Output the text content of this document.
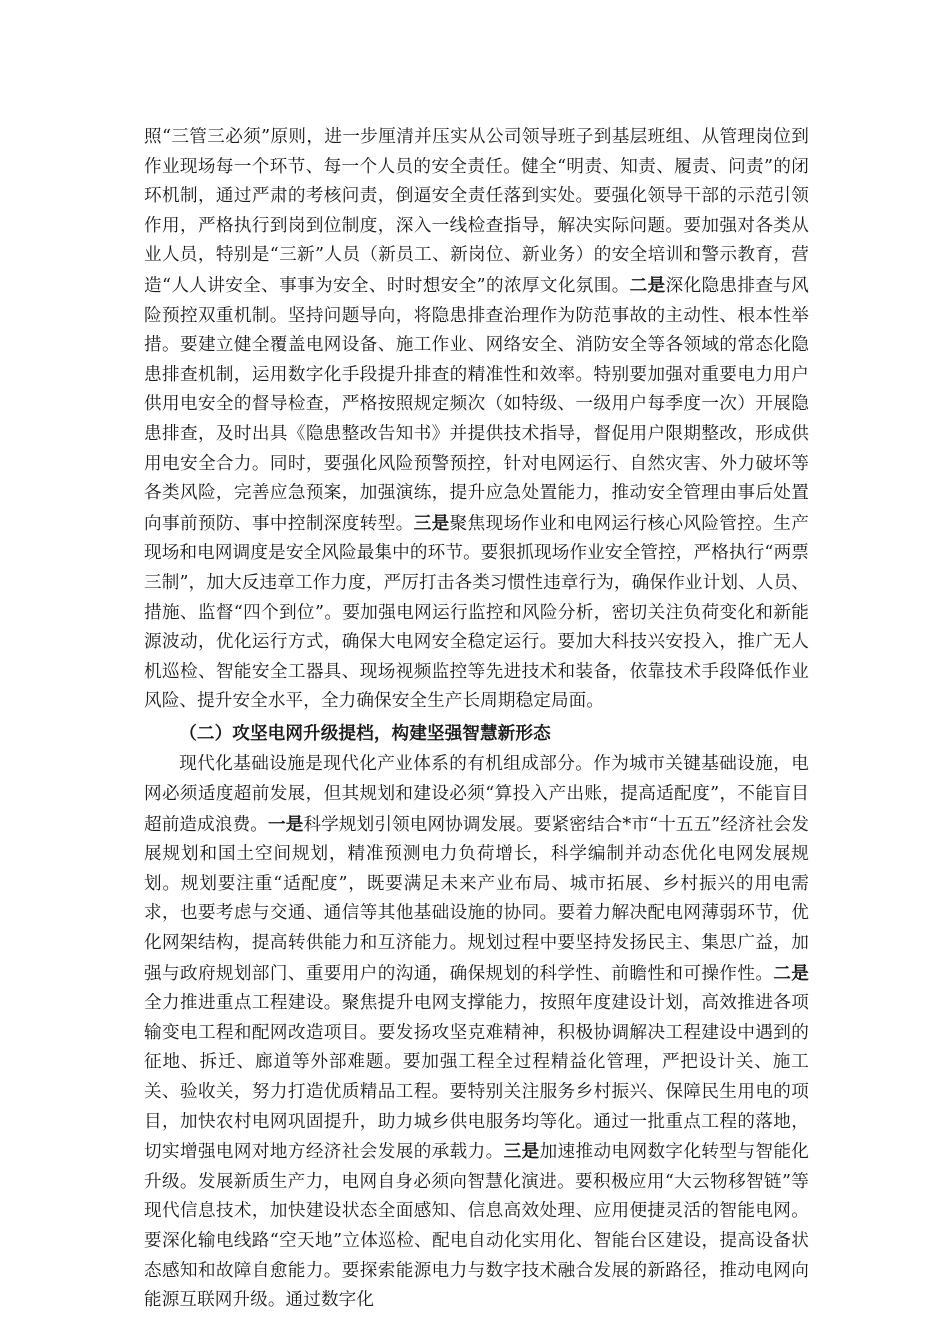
照“三管三必须”原则，进一步厘清并压实从公司领导班子到基层班组、从管理岗位到作业现场每一个环节、每一个人员的安全责任。健全“明责、知责、履责、问责”的闭环机制，通过严肃的考核问责，倒逼安全责任落到实处。要强化领导干部的示范引领作用，严格执行到岗到位制度，深入一线检查指导，解决实际问题。要加强对各类从业人员，特别是“三新”人员（新员工、新岗位、新业务）的安全培训和警示教育，营造“人人讲安全、事事为安全、时时想安全”的浓厚文化氛围。二是深化隐患排查与风险预控双重机制。坚持问题导向，将隐患排查治理作为防范事故的主动性、根本性举措。要建立健全覆盖电网设备、施工作业、网络安全、消防安全等各领域的常态化隐患排查机制，运用数字化手段提升排查的精准性和效率。特别要加强对重要电力用户供用电安全的督导检查，严格按照规定频次（如特级、一级用户每季度一次）开展隐患排查，及时出具《隐患整改告知书》并提供技术指导，督促用户限期整改，形成供用电安全合力。同时，要强化风险预警预控，针对电网运行、自然灾害、外力破坏等各类风险，完善应急预案，加强演练，提升应急处置能力，推动安全管理由事后处置向事前预防、事中控制深度转型。三是聚焦现场作业和电网运行核心风险管控。生产现场和电网调度是安全风险最集中的环节。要狠抓现场作业安全管控，严格执行“两票三制”，加大反违章工作力度，严厉打击各类习惯性违章行为，确保作业计划、人员、措施、监督“四个到位”。要加强电网运行监控和风险分析，密切关注负荷变化和新能源波动，优化运行方式，确保大电网安全稳定运行。要加大科技兴安投入，推广无人机巡检、智能安全工器具、现场视频监控等先进技术和装备，依靠技术手段降低作业风险、提升安全水平，全力确保安全生产长周期稳定局面。

（二）攻坚电网升级提档，构建坚强智慧新形态

现代化基础设施是现代化产业体系的有机组成部分。作为城市关键基础设施，电网必须适度超前发展，但其规划和建设必须“算投入产出账，提高适配度”，不能盲目超前造成浪费。一是科学规划引领电网协调发展。要紧密结合*市“十五五”经济社会发展规划和国土空间规划，精准预测电力负荷增长，科学编制并动态优化电网发展规划。规划要注重“适配度”，既要满足未来产业布局、城市拓展、乡村振兴的用电需求，也要考虑与交通、通信等其他基础设施的协同。要着力解决配电网薄弱环节，优化网架结构，提高转供能力和互济能力。规划过程中要坚持发扬民主、集思广益，加强与政府规划部门、重要用户的沟通，确保规划的科学性、前瞻性和可操作性。二是全力推进重点工程建设。聚焦提升电网支撑能力，按照年度建设计划，高效推进各项输变电工程和配网改造项目。要发扬攻坚克难精神，积极协调解决工程建设中遇到的征地、拆迁、廊道等外部难题。要加强工程全过程精益化管理，严把设计关、施工关、验收关，努力打造优质精品工程。要特别关注服务乡村振兴、保障民生用电的项目，加快农村电网巩固提升，助力城乡供电服务均等化。通过一批重点工程的落地，切实增强电网对地方经济社会发展的承载力。三是加速推动电网数字化转型与智能化升级。发展新质生产力，电网自身必须向智慧化演进。要积极应用“大云物移智链”等现代信息技术，加快建设状态全面感知、信息高效处理、应用便捷灵活的智能电网。要深化输电线路“空天地”立体巡检、配电自动化实用化、智能台区建设，提高设备状态感知和故障自愈能力。要探索能源电力与数字技术融合发展的新路径，推动电网向能源互联网升级。通过数字化
